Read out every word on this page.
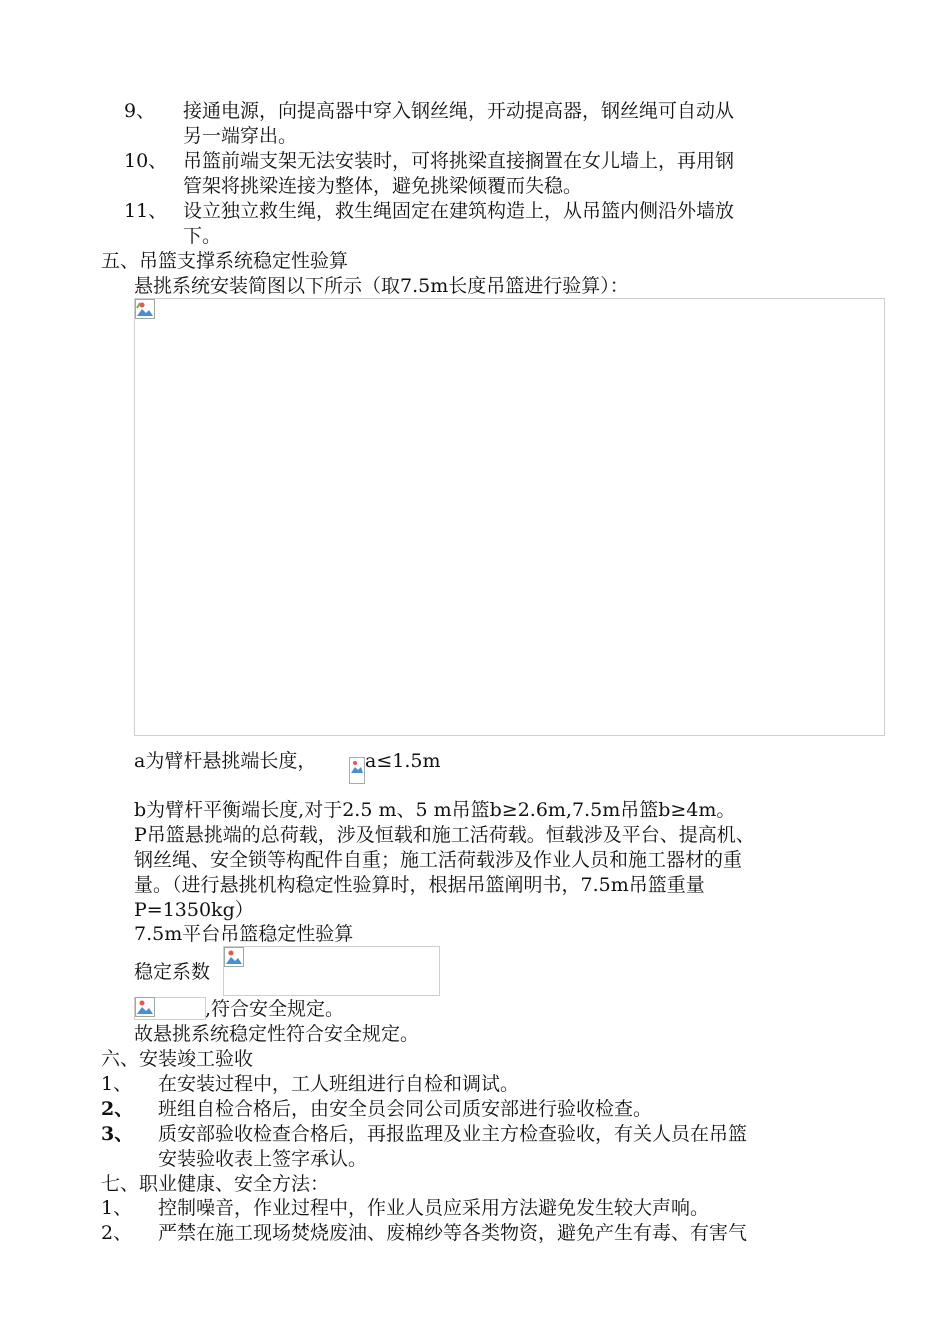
9、 接通电源，向提高器中穿入钢丝绳，开动提高器，钢丝绳可自动从
另一端穿出。
10、 吊篮前端支架无法安装时，可将挑梁直接搁置在女儿墙上，再用钢
管架将挑梁连接为整体，避免挑梁倾覆而失稳。
11、 设立独立救生绳，救生绳固定在建筑构造上，从吊篮内侧沿外墙放
下。
五、吊篮支撑系统稳定性验算
悬挑系统安装简图以下所示（取7.5m长度吊篮进行验算）：
a为臂杆悬挑端长度，	a≤1.5m
b为臂杆平衡端长度,对于2.5 m、5 m吊篮b≥2.6m,7.5m吊篮b≥4m。
P吊篮悬挑端的总荷载，涉及恒载和施工活荷载。恒载涉及平台、提高机、
钢丝绳、安全锁等构配件自重；施工活荷载涉及作业人员和施工器材的重
量。（进行悬挑机构稳定性验算时，根据吊篮阐明书，7.5m吊篮重量
P=1350kg）
7.5m平台吊篮稳定性验算
稳定系数
,符合安全规定。
故悬挑系统稳定性符合安全规定。
六、安装竣工验收
1、 在安装过程中，工人班组进行自检和调试。
2、 班组自检合格后，由安全员会同公司质安部进行验收检查。
3、 质安部验收检查合格后，再报监理及业主方检查验收，有关人员在吊篮
安装验收表上签字承认。
七、职业健康、安全方法：
1、 控制噪音，作业过程中，作业人员应采用方法避免发生较大声响。
2、 严禁在施工现场焚烧废油、废棉纱等各类物资，避免产生有毒、有害气
